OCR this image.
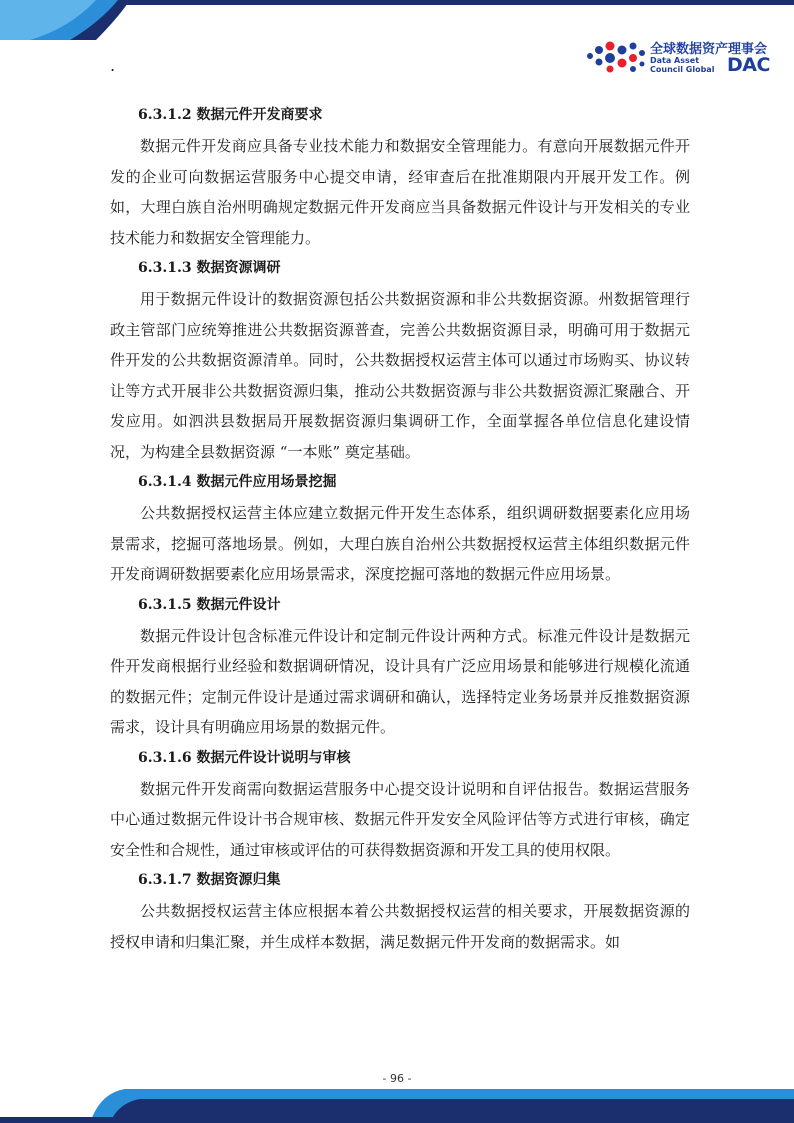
.
全球数据资产理事会
Data Asset
Council Global DAC
6.3.1.2 数据元件开发商要求

数据元件开发商应具备专业技术能力和数据安全管理能力。有意向开展数据元件开发的企业可向数据运营服务中心提交申请，经审查后在批准期限内开展开发工作。例如，大理白族自治州明确规定数据元件开发商应当具备数据元件设计与开发相关的专业技术能力和数据安全管理能力。

6.3.1.3 数据资源调研

用于数据元件设计的数据资源包括公共数据资源和非公共数据资源。州数据管理行政主管部门应统筹推进公共数据资源普查，完善公共数据资源目录，明确可用于数据元件开发的公共数据资源清单。同时，公共数据授权运营主体可以通过市场购买、协议转让等方式开展非公共数据资源归集，推动公共数据资源与非公共数据资源汇聚融合、开发应用。如泗洪县数据局开展数据资源归集调研工作，全面掌握各单位信息化建设情况，为构建全县数据资源 “一本账” 奠定基础。

6.3.1.4 数据元件应用场景挖掘

公共数据授权运营主体应建立数据元件开发生态体系，组织调研数据要素化应用场景需求，挖掘可落地场景。例如，大理白族自治州公共数据授权运营主体组织数据元件开发商调研数据要素化应用场景需求，深度挖掘可落地的数据元件应用场景。

6.3.1.5 数据元件设计

数据元件设计包含标准元件设计和定制元件设计两种方式。标准元件设计是数据元件开发商根据行业经验和数据调研情况，设计具有广泛应用场景和能够进行规模化流通的数据元件；定制元件设计是通过需求调研和确认，选择特定业务场景并反推数据资源需求，设计具有明确应用场景的数据元件。

6.3.1.6 数据元件设计说明与审核

数据元件开发商需向数据运营服务中心提交设计说明和自评估报告。数据运营服务中心通过数据元件设计书合规审核、数据元件开发安全风险评估等方式进行审核，确定安全性和合规性，通过审核或评估的可获得数据资源和开发工具的使用权限。

6.3.1.7 数据资源归集

公共数据授权运营主体应根据本着公共数据授权运营的相关要求，开展数据资源的授权申请和归集汇聚，并生成样本数据，满足数据元件开发商的数据需求。如

- 96 -
